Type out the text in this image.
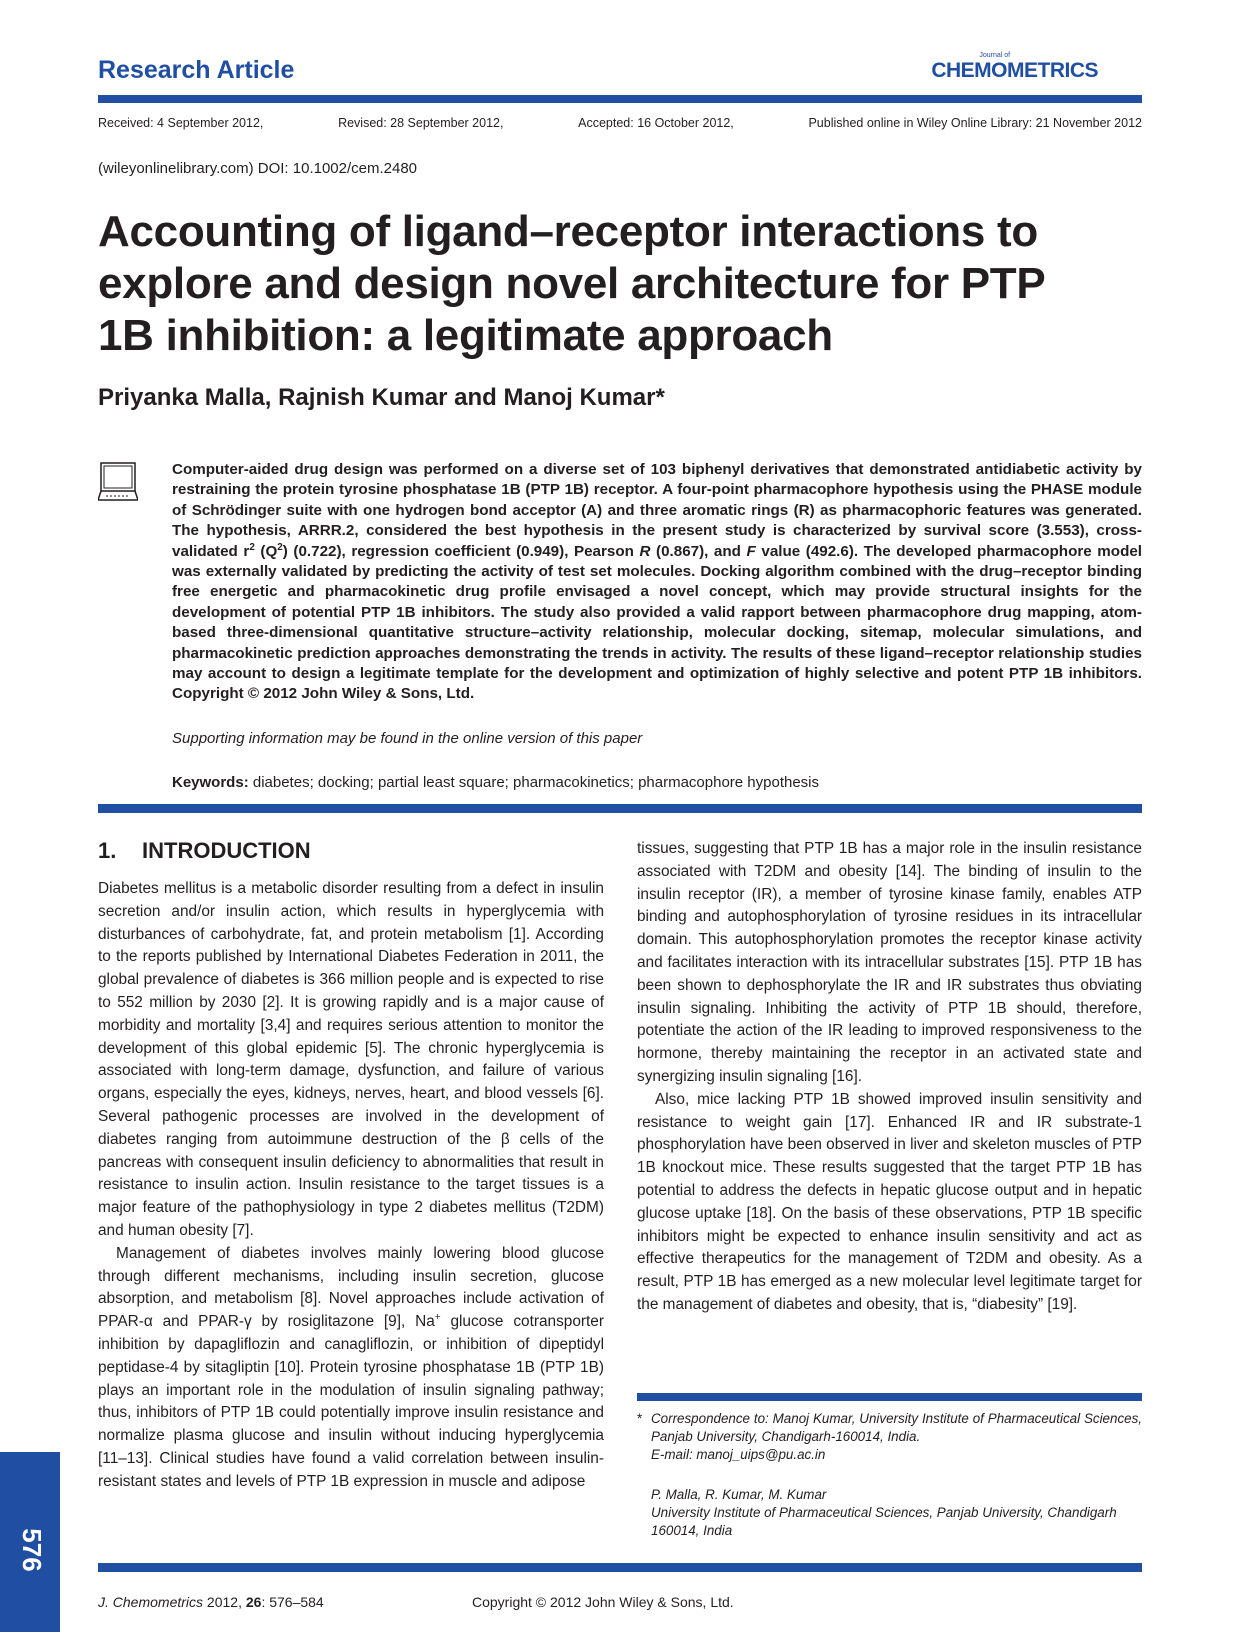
Research Article
Journal of
CHEMOMETRICS
Received: 4 September 2012,	Revised: 28 September 2012,	Accepted: 16 October 2012,	Published online in Wiley Online Library: 21 November 2012
(wileyonlinelibrary.com) DOI: 10.1002/cem.2480
Accounting of ligand–receptor interactions to
explore and design novel architecture for PTP
1B inhibition: a legitimate approach
Priyanka Malla, Rajnish Kumar and Manoj Kumar*
Computer-aided drug design was performed on a diverse set of 103 biphenyl derivatives that demonstrated antidiabetic activity by restraining the protein tyrosine phosphatase 1B (PTP 1B) receptor. A four-point pharmacophore hypothesis using the PHASE module of Schrödinger suite with one hydrogen bond acceptor (A) and three aromatic rings (R) as pharmacophoric features was generated. The hypothesis, ARRR.2, considered the best hypothesis in the present study is characterized by survival score (3.553), cross-validated $r^2$ $(Q^2)$ (0.722), regression coefficient (0.949), Pearson R (0.867), and F value (492.6). The developed pharmacophore model was externally validated by predicting the activity of test set molecules. Docking algorithm combined with the drug–receptor binding free energetic and pharmacokinetic drug profile envisaged a novel concept, which may provide structural insights for the development of potential PTP 1B inhibitors. The study also provided a valid rapport between pharmacophore drug mapping, atom-based three-dimensional quantitative structure–activity relationship, molecular docking, sitemap, molecular simulations, and pharmacokinetic prediction approaches demonstrating the trends in activity. The results of these ligand–receptor relationship studies may account to design a legitimate template for the development and optimization of highly selective and potent PTP 1B inhibitors. Copyright © 2012 John Wiley & Sons, Ltd.
Supporting information may be found in the online version of this paper
Keywords: diabetes; docking; partial least square; pharmacokinetics; pharmacophore hypothesis
1. INTRODUCTION

Diabetes mellitus is a metabolic disorder resulting from a defect in insulin secretion and/or insulin action, which results in hyperglycemia with disturbances of carbohydrate, fat, and protein metabolism [1]. According to the reports published by International Diabetes Federation in 2011, the global prevalence of diabetes is 366 million people and is expected to rise to 552 million by 2030 [2]. It is growing rapidly and is a major cause of morbidity and mortality [3,4] and requires serious attention to monitor the development of this global epidemic [5]. The chronic hyperglycemia is associated with long-term damage, dysfunction, and failure of various organs, especially the eyes, kidneys, nerves, heart, and blood vessels [6]. Several pathogenic processes are involved in the development of diabetes ranging from autoimmune destruction of the β cells of the pancreas with consequent insulin deficiency to abnormalities that result in resistance to insulin action. Insulin resistance to the target tissues is a major feature of the pathophysiology in type 2 diabetes mellitus (T2DM) and human obesity [7].

Management of diabetes involves mainly lowering blood glucose through different mechanisms, including insulin secretion, glucose absorption, and metabolism [8]. Novel approaches include activation of PPAR-α and PPAR-γ by rosiglitazone [9], Na+ glucose cotransporter inhibition by dapagliflozin and canagliflozin, or inhibition of dipeptidyl peptidase-4 by sitagliptin [10]. Protein tyrosine phosphatase 1B (PTP 1B) plays an important role in the modulation of insulin signaling pathway; thus, inhibitors of PTP 1B could potentially improve insulin resistance and normalize plasma glucose and insulin without inducing hyperglycemia [11–13]. Clinical studies have found a valid correlation between insulin-resistant states and levels of PTP 1B expression in muscle and adipose

tissues, suggesting that PTP 1B has a major role in the insulin resistance associated with T2DM and obesity [14]. The binding of insulin to the insulin receptor (IR), a member of tyrosine kinase family, enables ATP binding and autophosphorylation of tyrosine residues in its intracellular domain. This autophosphorylation promotes the receptor kinase activity and facilitates interaction with its intracellular substrates [15]. PTP 1B has been shown to dephosphorylate the IR and IR substrates thus obviating insulin signaling. Inhibiting the activity of PTP 1B should, therefore, potentiate the action of the IR leading to improved responsiveness to the hormone, thereby maintaining the receptor in an activated state and synergizing insulin signaling [16].

Also, mice lacking PTP 1B showed improved insulin sensitivity and resistance to weight gain [17]. Enhanced IR and IR substrate-1 phosphorylation have been observed in liver and skeleton muscles of PTP 1B knockout mice. These results suggested that the target PTP 1B has potential to address the defects in hepatic glucose output and in hepatic glucose uptake [18]. On the basis of these observations, PTP 1B specific inhibitors might be expected to enhance insulin sensitivity and act as effective therapeutics for the management of T2DM and obesity. As a result, PTP 1B has emerged as a new molecular level legitimate target for the management of diabetes and obesity, that is, “diabesity” [19].

* Correspondence to: Manoj Kumar, University Institute of Pharmaceutical Sciences, Panjab University, Chandigarh-160014, India.
E-mail: manoj_uips@pu.ac.in
P. Malla, R. Kumar, M. Kumar
University Institute of Pharmaceutical Sciences, Panjab University, Chandigarh 160014, India
J. Chemometrics 2012, 26: 576–584	Copyright © 2012 John Wiley & Sons, Ltd.
576
